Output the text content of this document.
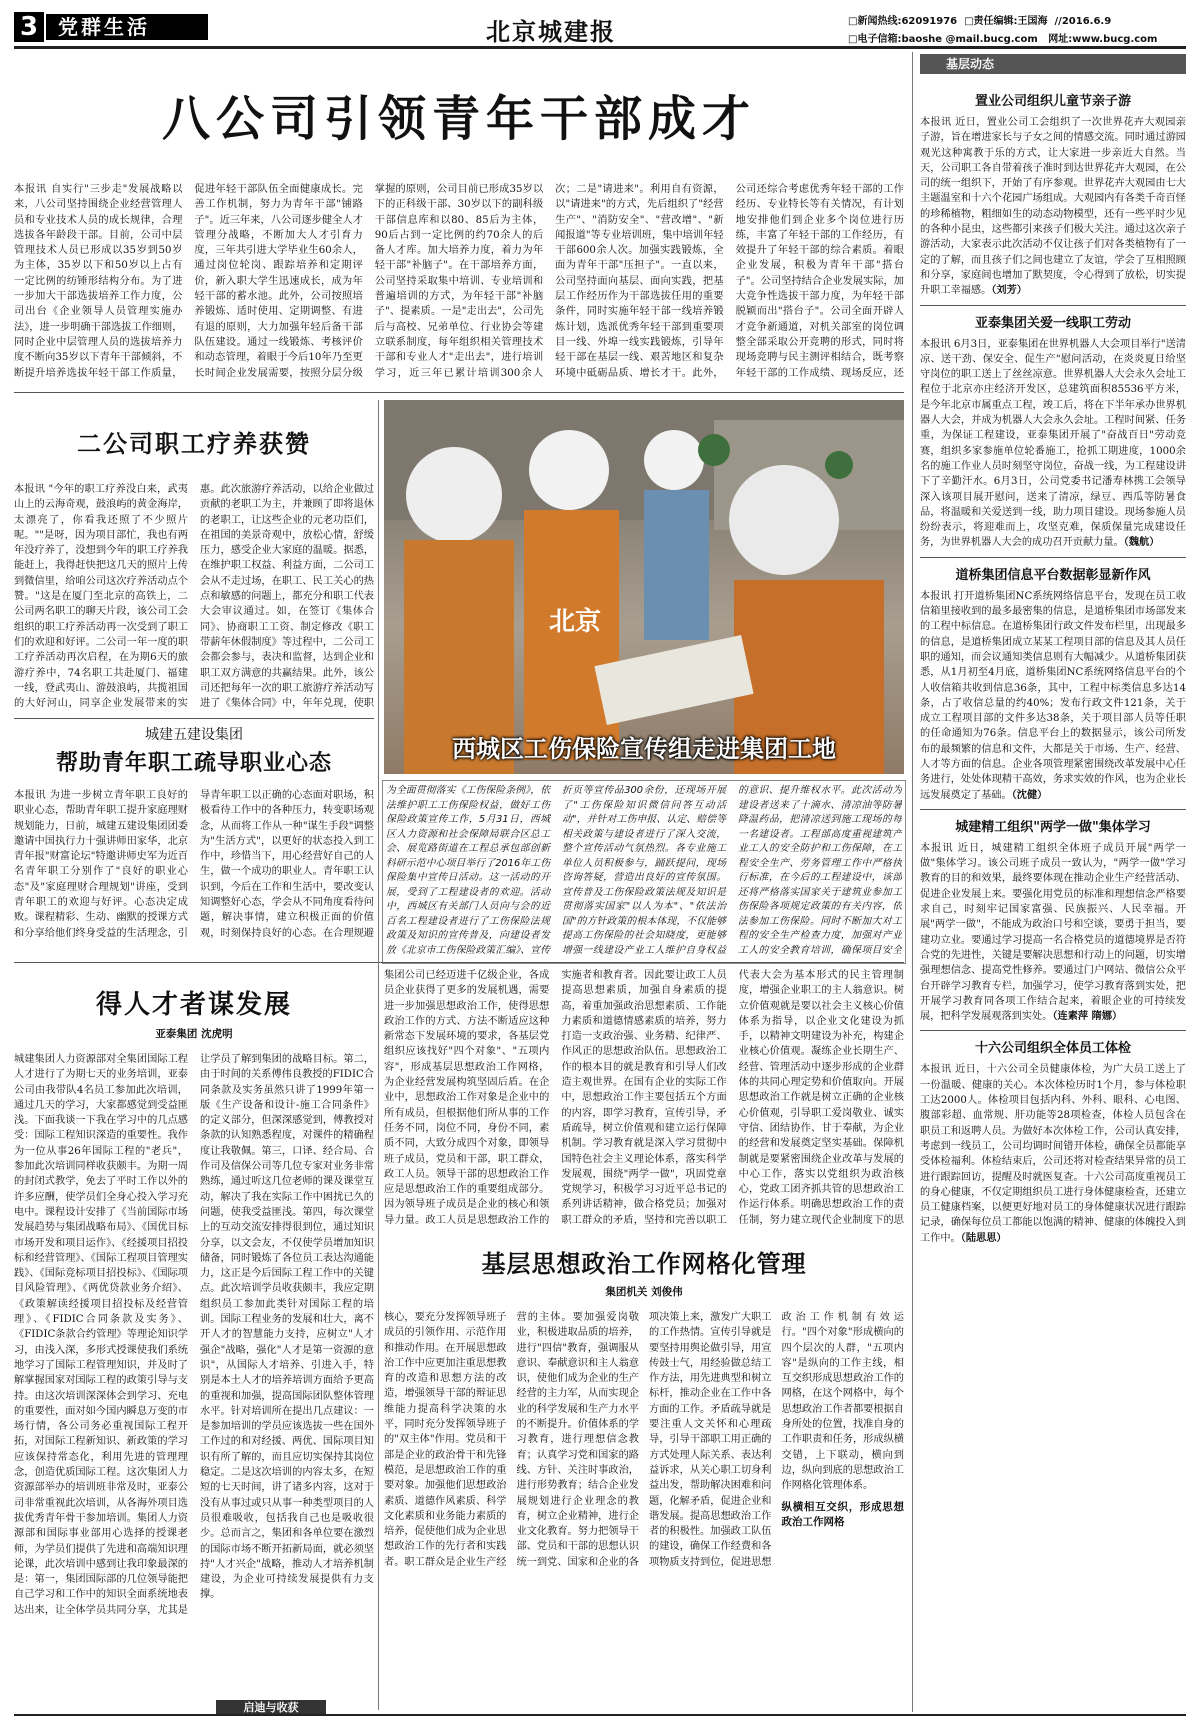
3 党群生活	北京城建报	□新闻热线:62091976 □责任编辑:王国海 //2016.6.9
□电子信箱:baoshe @mail.bucg.com 网址:www.bucg.com
八公司引领青年干部成才
本报讯 自实行"三步走"发展战略以来，八公司坚持围绕企业经营管理人员和专业技术人员的成长规律，合理选拔各年龄段干部。目前，公司中层管理技术人员已形成以35岁到50岁为主体，35岁以下和50岁以上占有一定比例的纺锤形结构分布。为了进一步加大干部选拔培养工作力度，公司出台《企业领导人员管理实施办法》，进一步明确干部选拔工作细则，同时企业中层管理人员的选拔培养力度不断向35岁以下青年干部倾斜，不断提升培养选拔年轻干部工作质量，促进年轻干部队伍全面健康成长。完善工作机制，努力为青年干部"铺路子"。近三年来，八公司逐步健全人才管理分战略，不断加大人才引育力度，三年共引进大学毕业生60余人，通过岗位轮岗、跟踪培养和定期评价，新入职大学生迅速成长，成为年轻干部的蓄水池。此外，公司按照培养锻炼、适时使用、定期调整、有进有退的原则，大力加强年轻后备干部队伍建设。通过一线锻炼、考核评价和动态管理，着眼于今后10年乃至更长时间企业发展需要，按照分层分级掌握的原则，公司目前已形成35岁以下的正科级干部、30岁以下的副科级干部信息库和以80、85后为主体，90后占到一定比例的约70余人的后备人才库。加大培养力度，着力为年轻干部"补脑子"。在干部培养方面，公司坚持采取集中培训、专业培训和普遍培训的方式，为年轻干部"补脑子"、提素质。一是"走出去"，公司先后与高校、兄弟单位、行业协会等建立联系制度，每年组织相关管理技术干部和专业人才"走出去"，进行培训学习，近三年已累计培训300余人次；二是"请进来"。利用自有资源，以"请进来"的方式，先后组织了"经营生产"、"消防安全"、"营改增"、"新闻报道"等专业培训班，集中培训年轻干部600余人次。加强实践锻炼，全面为青年干部"压担子"。一直以来，公司坚持面向基层、面向实践，把基层工作经历作为干部选拔任用的重要条件，同时实施年轻干部一线培养锻炼计划，选派优秀年轻干部到重要项目一线、外埠一线实践锻炼，引导年轻干部在基层一线、艰苦地区和复杂环境中砥砺品质、增长才干。此外，公司还综合考虑优秀年轻干部的工作经历、专业特长等有关情况，有计划地安排他们到企业多个岗位进行历练，丰富了年轻干部的工作经历，有效提升了年轻干部的综合素质。着眼企业发展，积极为青年干部"搭台子"。公司坚持结合企业发展实际，加大竞争性选拔干部力度，为年轻干部脱颖而出"搭台子"。公司全面开辟人才竞争新通道，对机关部室的岗位调整全部采取公开竞聘的形式，同时将现场竞聘与民主测评相结合，既考察年轻干部的工作成绩、现场反应，还
二公司职工疗养获赞
本报讯 "今年的职工疗养没白来，武夷山上的云海奇观，鼓浪屿的黄金海岸，太漂亮了，你看我还照了不少照片呢。""是呀，因为项目部忙，我也有两年没疗养了，没想到今年的职工疗养我能赶上，我得赶快把这几天的照片上传到微信里，给咱公司这次疗养活动点个赞。"这是在厦门至北京的高铁上，二公司两名职工的聊天片段，该公司工会组织的职工疗养活动再一次受到了职工们的欢迎和好评。二公司一年一度的职工疗养活动再次启程，在为期6天的旅游疗养中，74名职工共赴厦门、福建一线，登武夷山、游鼓浪屿，共揽祖国的大好河山，同享企业发展带来的实惠。此次旅游疗养活动，以给企业做过贡献的老职工为主，并兼顾了即将退休的老职工，让这些企业的元老功臣们，在祖国的美景奇观中，放松心情，舒缓压力，感受企业大家庭的温暖。据悉，在维护职工权益、利益方面，二公司工会从不走过场，在职工、民工关心的热点和敏感的问题上，都充分和职工代表大会审议通过。如，在签订《集体合同》、协商职工工资、制定修改《职工带薪年休假制度》等过程中，二公司工会都会参与，表决和监督，达到企业和职工双方满意的共赢结果。此外，该公司还把每年一次的职工旅游疗养活动写进了《集体合同》中，年年兑现，使职
城建五建设集团
帮助青年职工疏导职业心态
本报讯 为进一步树立青年职工良好的职业心态，帮助青年职工提升家庭理财规划能力，日前，城建五建设集团团委邀请中国执行力十强讲师田家华，北京青年报"财富论坛"特邀讲师史军为近百名青年职工分别作了"良好的职业心态"及"家庭理财合理规划"讲座，受到青年职工的欢迎与好评。心态决定成败。课程精彩、生动、幽默的授课方式和分享给他们终身受益的生活理念，引导青年职工以正确的心态面对职场，积极看待工作中的各种压力，转变职场观念，从而将工作从一种"谋生手段"调整为"生活方式"，以更好的状态投入到工作中，珍惜当下，用心经营好自己的人生，做一个成功的职业人。青年职工认识到，今后在工作和生活中，要改变认知调整好心态，学会从不同角度看待问题，解决事情，建立积极正面的价值观，时刻保持良好的心态。在合理规避
北京
西城区工伤保险宣传组走进集团工地
为全面贯彻落实《工伤保险条例》，依法维护职工工伤保险权益，做好工伤保险政策宣传工作，5月31日，西城区人力资源和社会保障局联合区总工会、展览路街道在工程总承包部创新科研示范中心项目举行了2016年工伤保险集中宣传日活动。这一活动的开展，受到了工程建设者的欢迎。活动中，西城区有关部门人员向与会的近百名工程建设者进行了工伤保险法规政策及知识的宣传普及，向建设者发放《北京市工伤保险政策汇编》、宣传折页等宣传品300余份，还现场开展了"工伤保险知识微信问答互动活动"，并针对工伤申报、认定、赔偿等相关政策与建设者进行了深入交流，整个宣传活动气氛热烈。各专业施工单位人员积极参与，踊跃提问，现场咨询答疑，营造出良好的宣传氛围。宣传普及工伤保险政策法规及知识是贯彻落实国家"以人为本"、"依法治国"的方针政策的根本体现，不仅能够提高工伤保险的社会知晓度，更能够增强一线建设产业工人维护自身权益的意识、提升维权水平。此次活动为建设者送来了十滴水、清凉油等防暑降温药品，把清凉送到施工现场的每一名建设者。工程部高度重视建筑产业工人的安全防护和工伤保障，在工程安全生产、劳务管理工作中严格执行标准，在今后的工程建设中，该部还将严格落实国家关于建筑业参加工伤保险各项规定政策的有关内容，依法参加工伤保险。同时不断加大对工程的安全生产检查力度，加强对产业工人的安全教育培训，确保项目安全
得人才者谋发展
亚泰集团 沈虎明
城建集团人力资源部对全集团国际工程人才进行了为期七天的业务培训，亚泰公司由我带队4名员工参加此次培训，通过几天的学习，大家都感觉到受益匪浅。下面我谈一下我在学习中的几点感受：国际工程知识深造的重要性。我作为一位从事26年国际工程的"老兵"，参加此次培训同样收获颇丰。为期一周的封闭式教学，免去了平时工作以外的许多应酬，使学员们全身心投入学习充电中。课程设计安排了《当前国际市场发展趋势与集团战略布局》、《国优目标市场开发和项目运作》、《经援项目招投标和经营管理》、《国际工程项目管理实践》、《国际竞标项目招投标》、《国际项目风险管理》、《两优贷款业务介绍》、《政策解读经援项目招投标及经营管理》、《FIDIC合同条款及实务》、《FIDIC条款合约管理》等理论知识学习，由浅入深，多形式授课使我们系统地学习了国际工程管理知识，并及时了解掌握国家对国际工程的政策引导与支持。由这次培训深深体会到学习、充电的重要性，面对如今国内瞬息万变的市场行情，各公司务必重视国际工程开拓，对国际工程新知识、新政策的学习应该保持常态化，利用先进的管理理念，创造优质国际工程。这次集团人力资源部举办的培训班非常及时，亚泰公司非常重视此次培训，从各海外项目选拔优秀青年骨干参加培训。集团人力资源部和国际事业部用心选择的授课老师，为学员们提供了先进和高端知识理论课，此次培训中感到让我印象最深的是：第一，集团国际部的几位领导能把自己学习和工作中的知识全面系统地表达出来，让全体学员共同分享，尤其是让学员了解到集团的战略目标。第二，由于时间的关系傅伟良教授的FIDIC合同条款及实务虽然只讲了1999年第一版《生产设备和设计-施工合同条件》的定义部分，但深深感觉到，傅教授对条款的认知熟悉程度，对课件的精确程度让我敬佩。第三，口译、经合局、合作司及信保公司等几位专家对业务非常熟练，通过听这几位老师的课及课堂互动，解决了我在实际工作中困扰已久的问题，使我受益匪浅。第四，每次课堂上的互动交流安排得很到位，通过知识分享，以文会友，不仅使学员增加知识储备，同时锻炼了各位员工表达沟通能力，这正是今后国际工程工作中的关键点。此次培训学员收获颇丰，我应定期组织员工参加此类针对国际工程的培训。国际工程业务的发展和壮大，离不开人才的智慧能力支持，应树立"人才强企"战略，强化"人才是第一资源的意识"，从国际人才培养、引进入手，特别是本土人才的培养培训方面给予更高的重视和加强，提高国际团队整体管理水平。针对培训所在提出几点建议：一是参加培训的学员应该选拔一些在国外工作过的和对经援、两优、国际项目知识有所了解的，而且应切实保持其岗位稳定。二是这次培训的内容太多，在短短的七天时间，讲了诸多内容，这对于没有从事过或只从事一种类型项目的人员很难吸收，包括我自己也是吸收很少。总而言之，集团和各单位要在激烈的国际市场不断开拓新局面，就必须坚持"人才兴企"战略，推动人才培养机制建设，为企业可持续发展提供有力支撑。
启迪与收获
集团公司已经迈进千亿级企业，各成员企业获得了更多的发展机遇，需要进一步加强思想政治工作，使得思想政治工作的方式、方法不断适应这种新常态下发展环境的要求，各基层党组织应该找好"四个对象"、"五项内容"，形成基层思想政治工作网格，为企业经营发展构筑坚固后盾。在企业中，思想政治工作对象是企业中的所有成员，但根据他们所从事的工作任务不同，岗位不同，身份不同，素质不同，大致分成四个对象，即领导班子成员，党员和干部，职工群众，政工人员。领导干部的思想政治工作应是思想政治工作的重要组成部分。因为领导班子成员是企业的核心和领导力量。政工人员是思想政治工作的实施者和教育者。因此要让政工人员提高思想素质，加强自身素质的提高，着重加强政治思想素质、工作能力素质和道德情感素质的培养，努力打造一支政治强、业务精、纪律严、作风正的思想政治队伍。思想政治工作的根本目的就是教育和引导人们改造主观世界。在国有企业的实际工作中，思想政治工作主要包括五个方面的内容，即学习教育，宣传引导，矛盾疏导，树立价值观和建立运行保障机制。学习教育就是深入学习贯彻中国特色社会主义理论体系，落实科学发展观，围绕"两学一做"，巩固党章党规学习，积极学习习近平总书记的系列讲话精神，做合格党员；加强对职工群众的矛盾，坚持和完善以职工代表大会为基本形式的民主管理制度，增强企业职工的主人翁意识。树立价值观就是要以社会主义核心价值体系为指导，以企业文化建设为抓手，以精神文明建设为补充，构建企业核心价值观。凝练企业长期生产、经营、管理活动中逐步形成的企业群体的共同心理定势和价值取向。开展思想政治工作就是树立正确的企业核心价值观，引导职工爱岗敬业、诚实守信、团结协作、甘于奉献，为企业的经营和发展奠定坚实基础。保障机制就是要紧密围绕企业改革与发展的中心工作，落实以党组织为政治核心，党政工团齐抓共管的思想政治工作运行体系。明确思想政治工作的责任制，努力建立现代企业制度下的思
基层思想政治工作网格化管理
集团机关 刘俊伟
核心，要充分发挥领导班子成员的引领作用、示范作用和推动作用。在开展思想政治工作中应更加注重思想教育的改造和思想方法的改造，增强领导干部的辩证思维能力提高科学决策的水平，同时充分发挥领导班子的"双主体"作用。党员和干部是企业的政治骨干和先锋模范，是思想政治工作的重要对象。加强他们思想政治素质、道德作风素质、科学文化素质和业务能力素质的培养，促使他们成为企业思想政治工作的先行者和实践者。职工群众是企业生产经营的主体。要加强爱岗敬业，积极进取品质的培养，进行"四信"教育，强调服从意识、奉献意识和主人翁意识，使他们成为企业的生产经营的主力军，从而实现企业的科学发展和生产力水平的不断提升。价值体系的学习教育，进行理想信念教育；认真学习党和国家的路线、方针、关注时事政治，进行形势教育；结合企业发展规划进行企业理念的教育，树立企业精神，进行企业文化教育。努力把领导干部、党员和干部的思想认识统一到党、国家和企业的各项决策上来，激发广大职工的工作热情。宣传引导就是要坚持用舆论做引导，用宣传鼓士气，用经验做总结工作方法，用先进典型和树立标杆，推动企业在工作中各方面的工作。矛盾疏导就是要注重人文关怀和心理疏导，引导干部职工用正确的方式处理人际关系、表达利益诉求，从关心职工切身利益出发，帮助解决困难和问题，化解矛盾，促进企业和谐发展。提高思想政治工作者的积极性。加强政工队伍的建设，确保工作经费和各项物质支持到位，促进思想政治工作机制有效运行。"四个对象"形成横向的四个层次的人群，"五项内容"是纵向的工作主线，相互交织形成思想政治工作的网格，在这个网格中，每个思想政治工作者都要根据自身所处的位置，找准自身的工作职责和任务，形成纵横交错，上下联动，横向到边，纵向到底的思想政治工作网格化管理体系。
纵横相互交织，形成思想政治工作网格
基层动态
置业公司组织儿童节亲子游
本报讯 近日，置业公司工会组织了一次世界花卉大观园亲子游，旨在增进家长与子女之间的情感交流。同时通过游园观光这种寓教于乐的方式，让大家进一步亲近大自然。当天，公司职工各自带着孩子准时到达世界花卉大观园，在公司的统一组织下，开始了有序参观。世界花卉大观园由七大主题温室和十六个花园广场组成。大观园内有各类千奇百怪的珍稀植物，粗细如生的动态动物模型，还有一些平时少见的各种小昆虫，这些都引来孩子们极大关注。通过这次亲子游活动，大家表示此次活动不仅让孩子们对各类植物有了一定的了解，而且孩子们之间也建立了友谊，学会了互相照顾和分享，家庭间也增加了默契度，令心得到了放松，切实提升职工幸福感。（刘芳）
亚泰集团关爱一线职工劳动
本报讯 6月3日，亚泰集团在世界机器人大会项目举行"送清凉、送干劲、保安全、促生产"慰问活动，在炎炎夏日给坚守岗位的职工送上了丝丝凉意。世界机器人大会永久会址工程位于北京亦庄经济开发区，总建筑面积85536平方米，是今年北京市属重点工程，竣工后，将在下半年承办世界机器人大会，并成为机器人大会永久会址。工程时间紧、任务重，为保证工程建设，亚泰集团开展了"奋战百日"劳动竞赛，组织多家参施单位轮番施工，抢抓工期进度，1000余名的施工作业人员时刻坚守岗位，奋战一线，为工程建设讲下了辛勤汗水。6月3日，公司党委书记潘寿林携工会领导深入该项目展开慰问，送来了清凉，绿豆、西瓜等防暑食品，将温暖和关爱送到一线，助力项目建设。现场参施人员纷纷表示，将迎难而上，攻坚克难，保质保量完成建设任务，为世界机器人大会的成功召开贡献力量。（魏航）
道桥集团信息平台数据彰显新作风
本报讯 打开道桥集团NC系统网络信息平台，发现在员工收信箱里接收到的最多最密集的信息，是道桥集团市场部发来的工程中标信息。在道桥集团行政文件发布栏里，出现最多的信息，是道桥集团成立某某工程项目部的信息及其人员任职的通知，而会议通知类信息则有大幅减少。从道桥集团获悉，从1月初至4月底，道桥集团NC系统网络信息平台的个人收信箱共收到信息36条，其中，工程中标类信息多达14条，占了收信总量的约40%；发布行政文件121条，关于成立工程项目部的文件多达38条，关于项目部人员等任职的任命通知为76条。信息平台上的数据显示，该公司所发布的最频繁的信息和文件，大都是关于市场、生产、经营、人才等方面的信息。企业各项管理紧密围绕改革发展中心任务进行，处处体现精干高效，务求实效的作风，也为企业长远发展奠定了基础。（沈健）
城建精工组织"两学一做"集体学习
本报讯 近日，城建精工组织全体班子成员开展"两学一做"集体学习。该公司班子成员一致认为，"两学一做"学习教育的目的和效果，最终要体现在推动企业生产经营活动、促进企业发展上来。要强化用党员的标准和理想信念严格要求自己，时刻牢记国家富强、民族振兴、人民幸福。开展"两学一做"，不能成为政治口号和空谈，要勇于担当，要建功立业。要通过学习提高一名合格党员的道德境界是否符合党的先进性，关键是要解决思想和行动上的问题，切实增强理想信念、提高党性修养。要通过门户网站、微信公众平台开辟学习教育专栏，加强学习，使学习教育落到实处，把开展学习教育同各项工作结合起来，着眼企业的可持续发展，把科学发展观落到实处。（连素萍 隋娜）
十六公司组织全体员工体检
本报讯 近日，十六公司全员健康体检，为广大员工送上了一份温暖、健康的关心。本次体检历时1个月，参与体检职工达2000人。体检项目包括内科、外科、眼科、心电图、腹部彩超、血常规、肝功能等28项检查，体检人员包含在职员工和返聘人员。为做好本次体检工作，公司认真安排，考虑到一线员工，公司均调时间错开体检，确保全员都能享受体检福利。体检结束后，公司还将对检查结果异常的员工进行跟踪回访，提醒及时就医复查。十六公司高度重视员工的身心健康，不仅定期组织员工进行身体健康检查，还建立员工健康档案，以便更好地对员工的身体健康状况进行跟踪记录，确保每位员工都能以饱满的精神、健康的体魄投入到工作中。（陆思思）
